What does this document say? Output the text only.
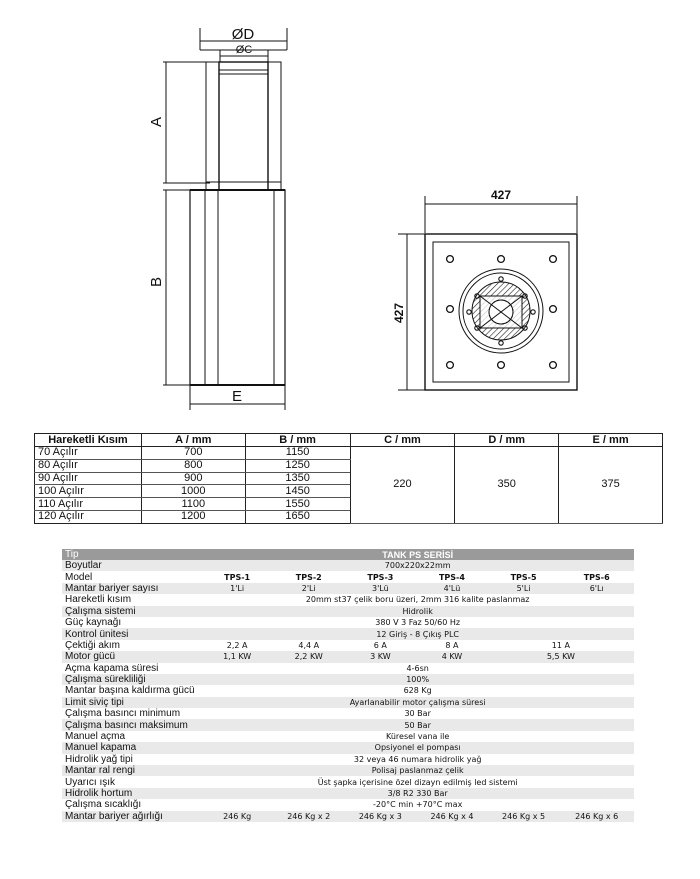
ØD
ØC
A
B
E
427
427
Hareketli Kısım	A / mm	B / mm	C / mm	D / mm	E / mm
70 Açılır	700	1150	220	350	375
80 Açılır	800	1250			
90 Açılır	900	1350			
100 Açılır	1000	1450			
110 Açılır	1100	1550			
120 Açılır	1200	1650			
Tip	TANK PS SERİSİ					
Boyutlar	700x220x22mm					
Model	TPS-1	TPS-2	TPS-3	TPS-4	TPS-5	TPS-6
Mantar bariyer sayısı	1'Li	2'Li	3'Lü	4'Lü	5'Li	6'Lı
Hareketli kısım	20mm st37 çelik boru üzeri, 2mm 316 kalite paslanmaz					
Çalışma sistemi	Hidrolik					
Güç kaynağı	380 V 3 Faz 50/60 Hz					
Kontrol ünitesi	12 Giriş - 8 Çıkış PLC					
Çektiği akım	2,2 A	4,4 A	6 A	8 A	11 A	
Motor gücü	1,1 KW	2,2 KW	3 KW	4 KW	5,5 KW	
Açma kapama süresi	4-6sn					
Çalışma sürekliliği	100%					
Mantar başına kaldırma gücü	628 Kg					
Limit siviç tipi	Ayarlanabilir motor çalışma süresi					
Çalışma basıncı minimum	30 Bar					
Çalışma basıncı maksimum	50 Bar					
Manuel açma	Küresel vana ile					
Manuel kapama	Opsiyonel el pompası					
Hidrolik yağ tipi	32 veya 46 numara hidrolik yağ					
Mantar ral rengi	Polisaj paslanmaz çelik					
Uyarıcı ışık	Üst şapka içerisine özel dizayn edilmiş led sistemi					
Hidrolik hortum	3/8 R2 330 Bar					
Çalışma sıcaklığı	-20°C min +70°C max					
Mantar bariyer ağırlığı	246 Kg	246 Kg x 2	246 Kg x 3	246 Kg x 4	246 Kg x 5	246 Kg x 6
